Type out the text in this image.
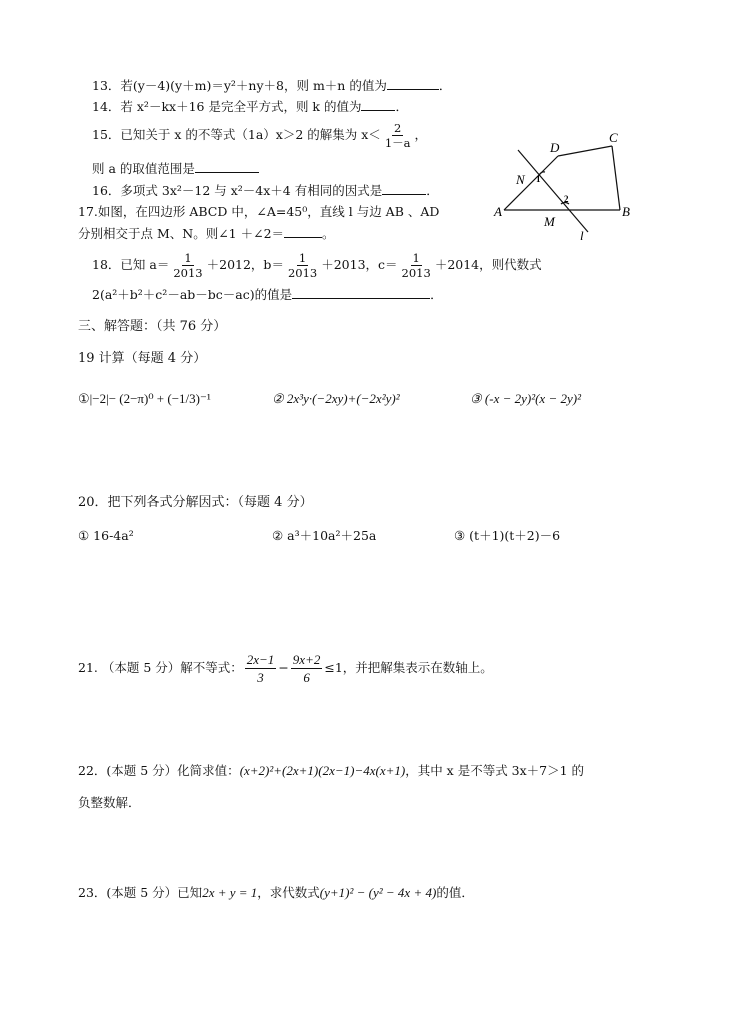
13．若(y－4)(y＋m)＝y²＋ny＋8，则 m＋n 的值为	．
14．若 x²－kx＋16 是完全平方式，则 k 的值为	．
15．已知关于 x 的不等式（1a）x＞2 的解集为 $x< \frac{2}{1-a}$ ，
则 a 的取值范围是
16．多项式 3x²－12 与 x²－4x＋4 有相同的因式是	．
17.如图，在四边形 ABCD 中，∠A=45⁰，直线 l 与边 AB 、AD
分别相交于点 M、N。则∠1 ＋∠2＝	。
A	B
C
D
N
M
l
1
2
18．已知 $a= \frac{1}{2013} +2012$，$b= \frac{1}{2013} +2013$，$c= \frac{1}{2013} +2014$，则代数式
2(a²＋b²＋c²－ab－bc－ac)的值是	．
三、解答题：（共 76 分）
19 计算（每题 4 分）
①|−2|− (2−π)⁰ + (−1/3)⁻¹	② 2x³y·(−2xy)+(−2x²y)²	③ (-x − 2y)²(x − 2y)²
20．把下列各式分解因式：（每题 4 分）
① 16-4a²	② a³＋10a²＋25a	③ (t＋1)(t＋2)－6
21. （本题 5 分）解不等式： $\frac{2x-1}{3} - \frac{9x+2}{6} \le 1$，并把解集表示在数轴上。
22．(本题 5 分）化简求值：(x+2)²+(2x+1)(2x−1)−4x(x+1)，其中 x 是不等式 3x＋7＞1 的
负整数解．
23．(本题 5 分）已知2x + y = 1，求代数式(y+1)² − (y² − 4x + 4)的值．
